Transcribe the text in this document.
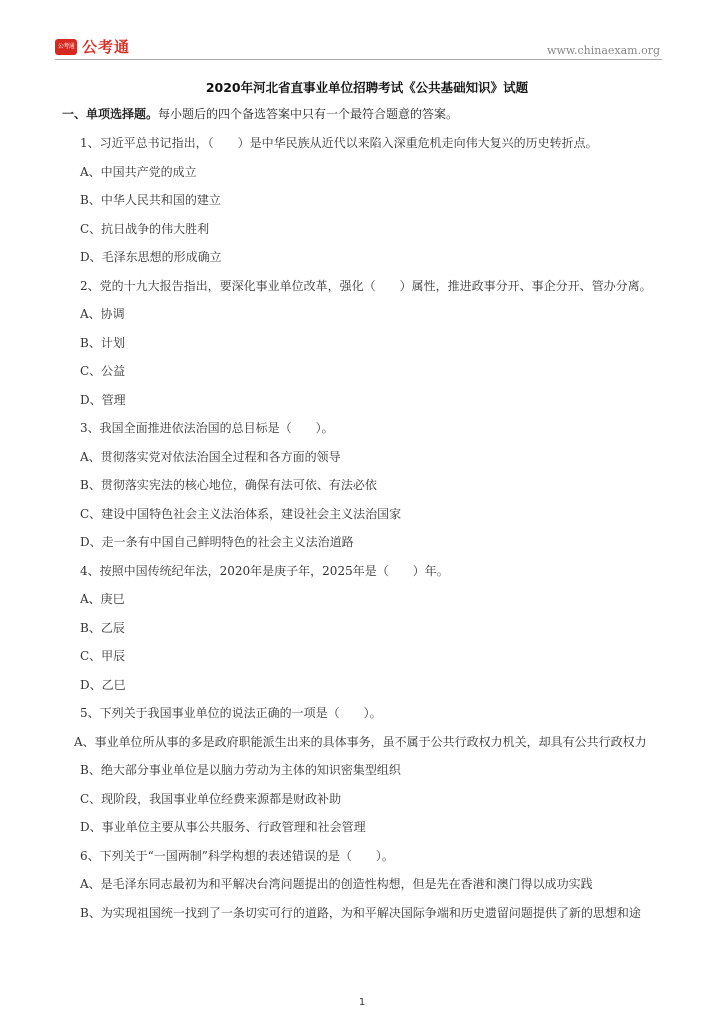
公考通 公考通	www.chinaexam.org
2020年河北省直事业单位招聘考试《公共基础知识》试题
一、单项选择题。每小题后的四个备选答案中只有一个最符合题意的答案。

1、习近平总书记指出，（　　）是中华民族从近代以来陷入深重危机走向伟大复兴的历史转折点。

A、中国共产党的成立

B、中华人民共和国的建立

C、抗日战争的伟大胜利

D、毛泽东思想的形成确立

2、党的十九大报告指出，要深化事业单位改革，强化（　　）属性，推进政事分开、事企分开、管办分离。

A、协调

B、计划

C、公益

D、管理

3、我国全面推进依法治国的总目标是（　　）。

A、贯彻落实党对依法治国全过程和各方面的领导

B、贯彻落实宪法的核心地位，确保有法可依、有法必依

C、建设中国特色社会主义法治体系，建设社会主义法治国家

D、走一条有中国自己鲜明特色的社会主义法治道路

4、按照中国传统纪年法，2020年是庚子年，2025年是（　　）年。

A、庚巳

B、乙辰

C、甲辰

D、乙巳

5、下列关于我国事业单位的说法正确的一项是（　　）。

A、事业单位所从事的多是政府职能派生出来的具体事务，虽不属于公共行政权力机关，却具有公共行政权力

B、绝大部分事业单位是以脑力劳动为主体的知识密集型组织

C、现阶段，我国事业单位经费来源都是财政补助

D、事业单位主要从事公共服务、行政管理和社会管理

6、下列关于“一国两制”科学构想的表述错误的是（　　）。

A、是毛泽东同志最初为和平解决台湾问题提出的创造性构想，但是先在香港和澳门得以成功实践

B、为实现祖国统一找到了一条切实可行的道路，为和平解决国际争端和历史遗留问题提供了新的思想和途

1
